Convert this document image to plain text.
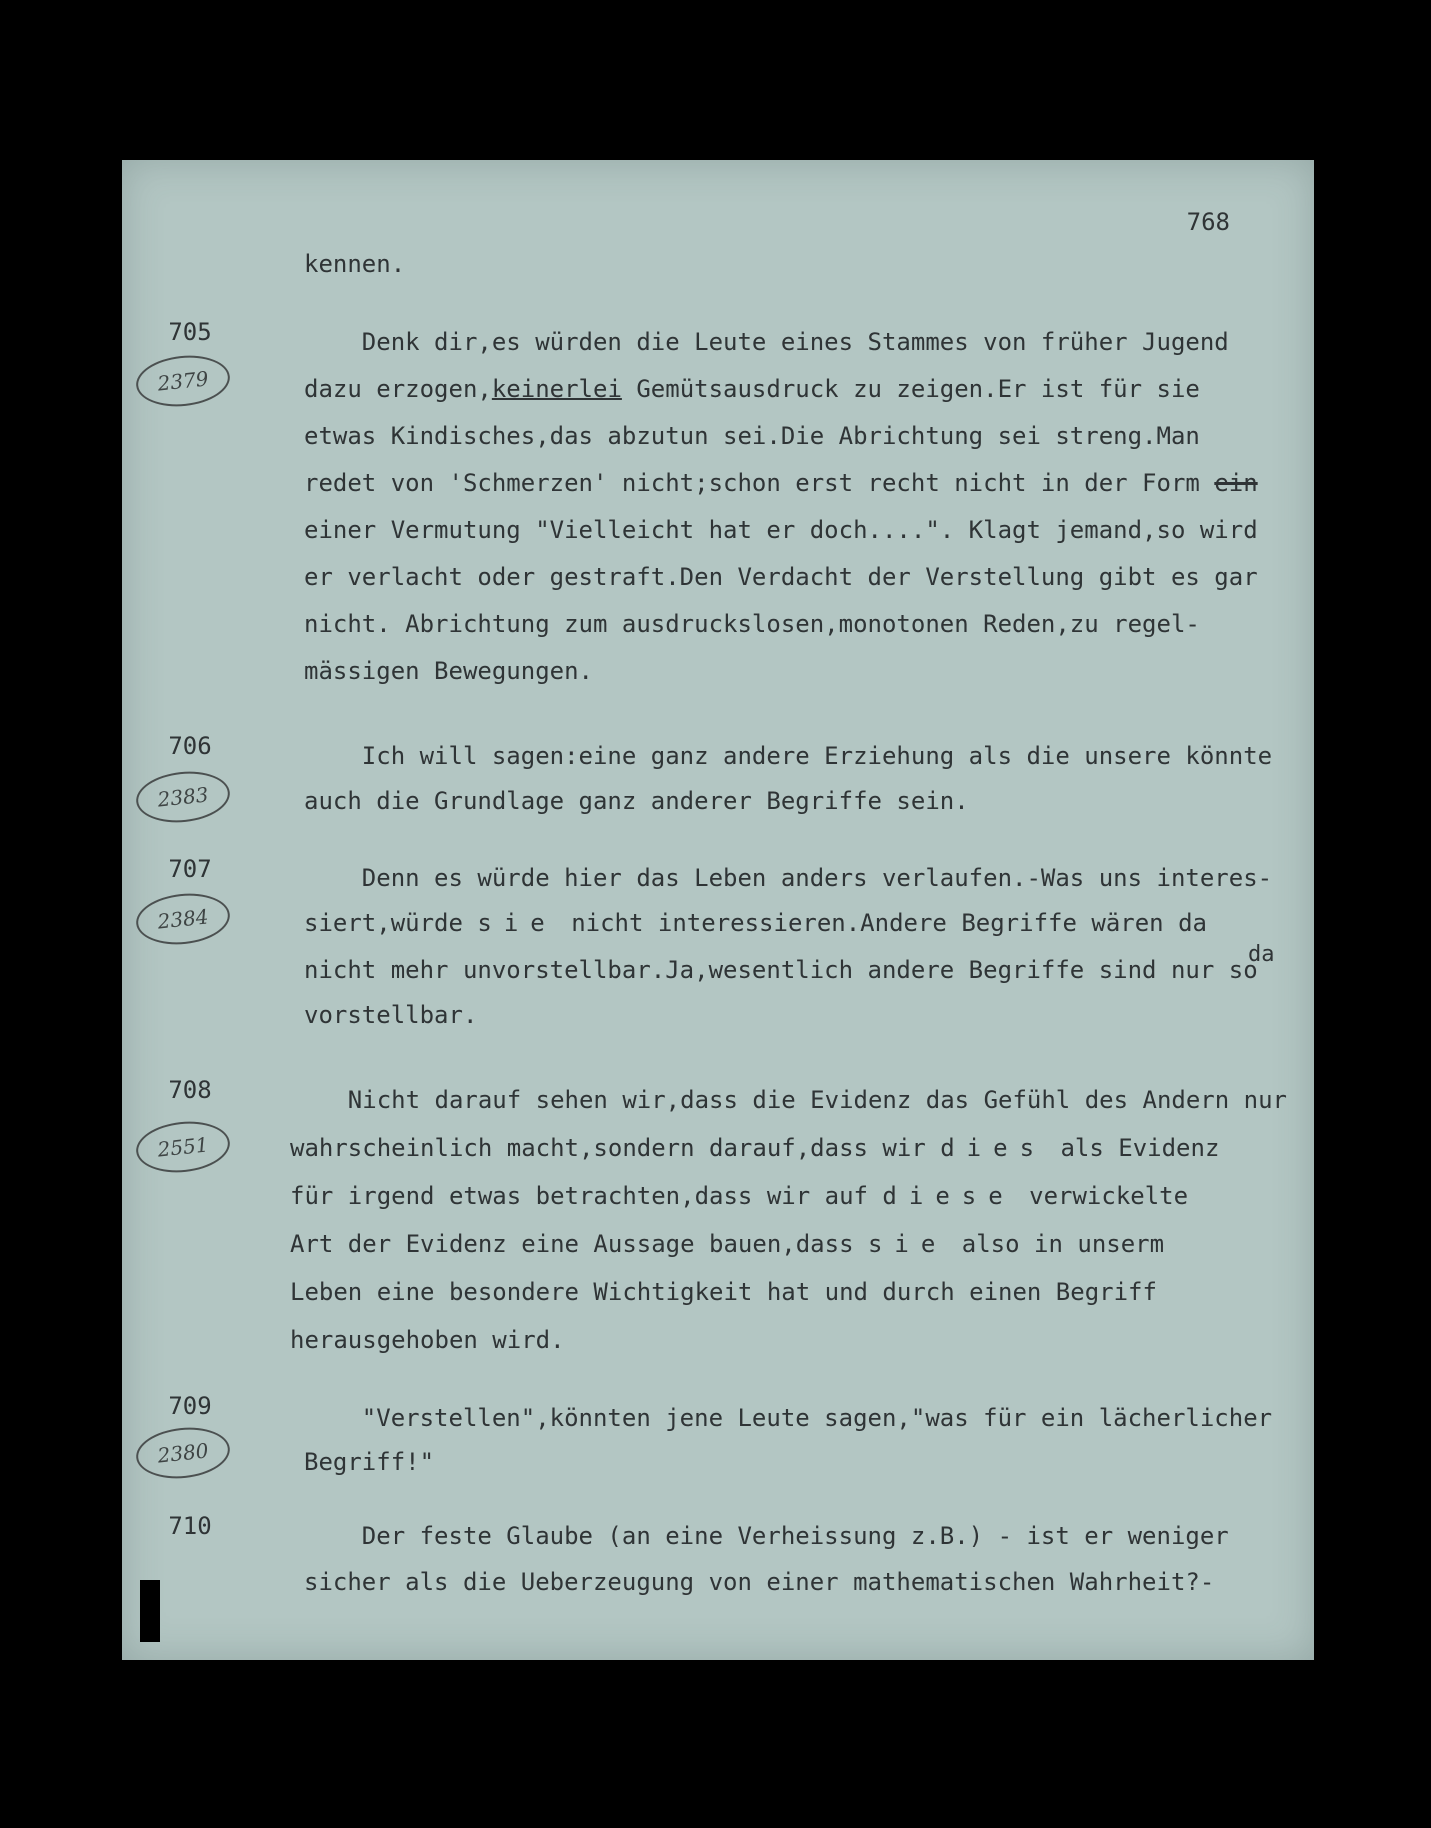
768
kennen.
705
2379

Denk dir,es würden die Leute eines Stammes von früher Jugend

dazu erzogen,keinerlei Gemütsausdruck zu zeigen.Er ist für sie

etwas Kindisches,das abzutun sei.Die Abrichtung sei streng.Man

redet von 'Schmerzen' nicht;schon erst recht nicht in der Form ein

einer Vermutung "Vielleicht hat er doch....". Klagt jemand,so wird

er verlacht oder gestraft.Den Verdacht der Verstellung gibt es gar

nicht. Abrichtung zum ausdruckslosen,monotonen Reden,zu regel-

mässigen Bewegungen.

706
2383

Ich will sagen:eine ganz andere Erziehung als die unsere könnte

auch die Grundlage ganz anderer Begriffe sein.

707
2384
da

Denn es würde hier das Leben anders verlaufen.-Was uns interes-

siert,würde sie nicht interessieren.Andere Begriffe wären da

nicht mehr unvorstellbar.Ja,wesentlich andere Begriffe sind nur so

vorstellbar.

708
2551

Nicht darauf sehen wir,dass die Evidenz das Gefühl des Andern nur

wahrscheinlich macht,sondern darauf,dass wir dies als Evidenz

für irgend etwas betrachten,dass wir auf diese verwickelte

Art der Evidenz eine Aussage bauen,dass sie also in unserm

Leben eine besondere Wichtigkeit hat und durch einen Begriff

herausgehoben wird.

709
2380

"Verstellen",könnten jene Leute sagen,"was für ein lächerlicher

Begriff!"

710

	Der feste Glaube (an eine Verheissung z.B.) - ist er weniger

sicher als die Ueberzeugung von einer mathematischen Wahrheit?-
